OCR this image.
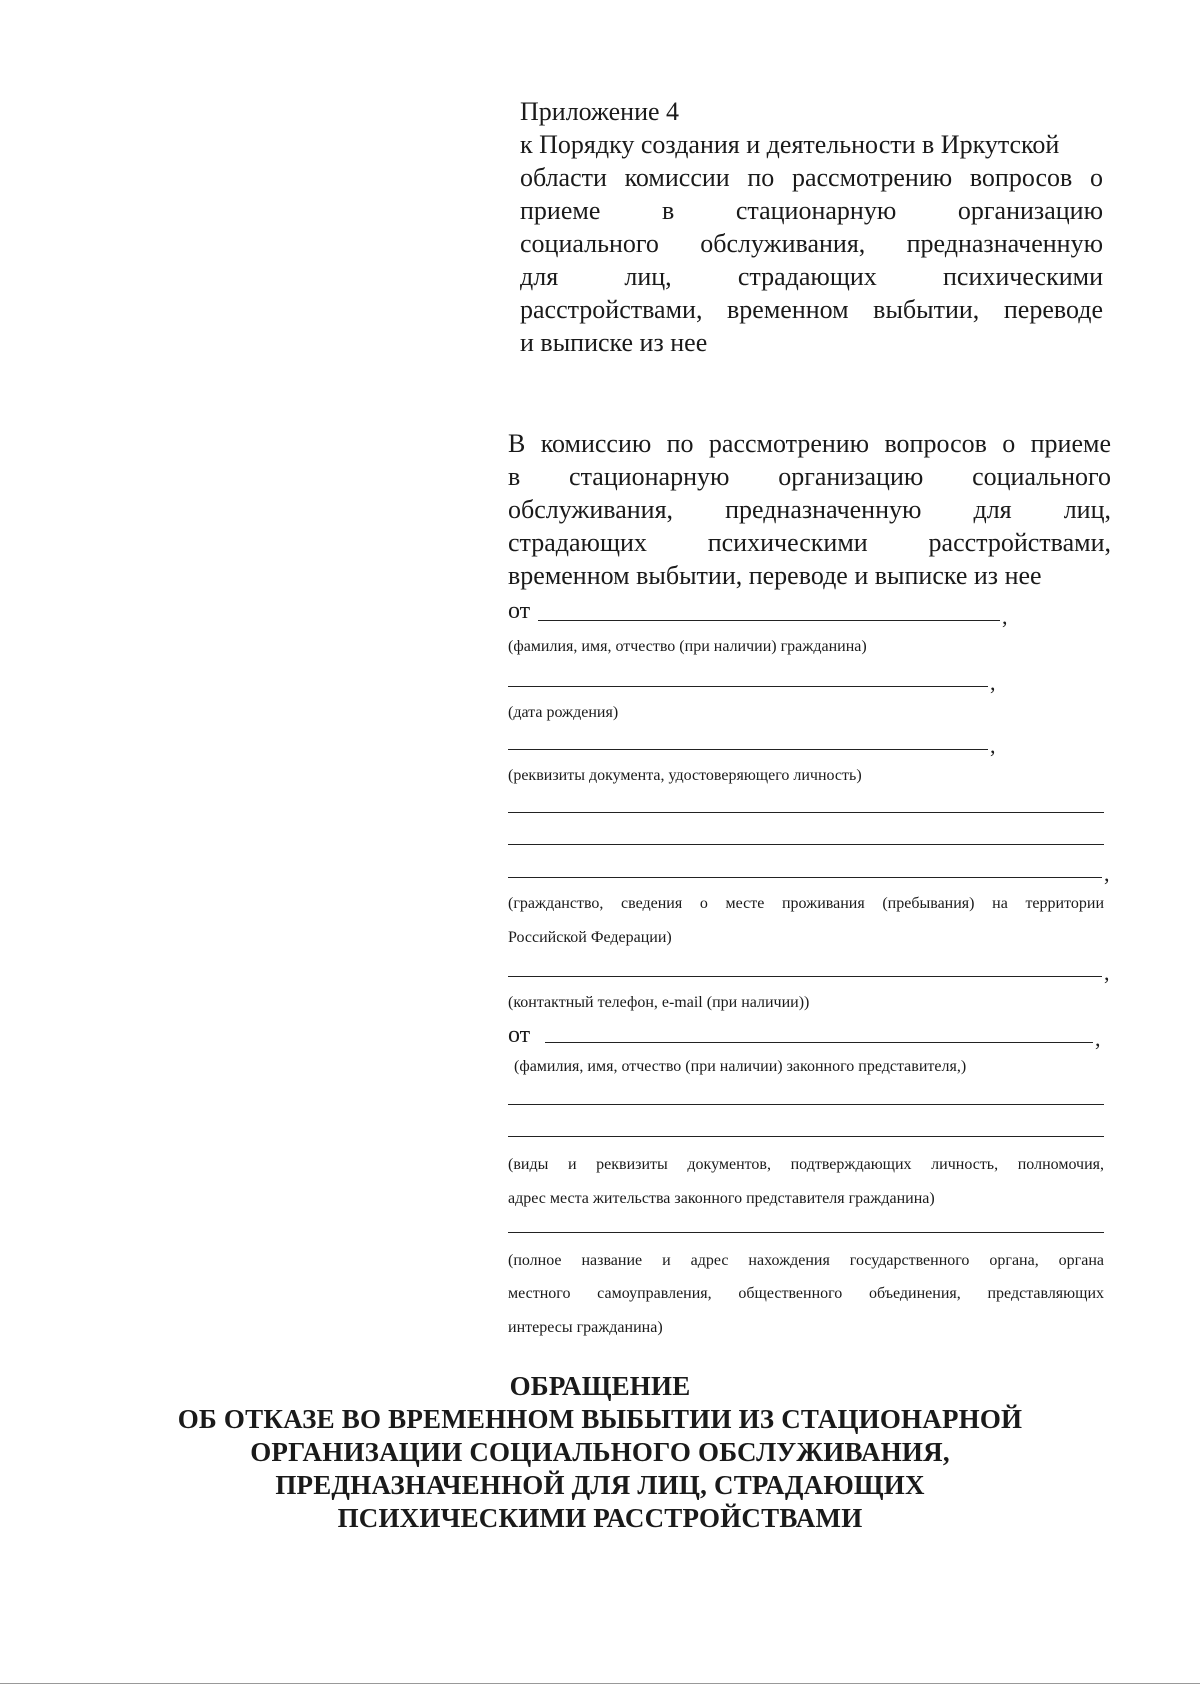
Приложение 4
к Порядку создания и деятельности в Иркутской
области комиссии по рассмотрению вопросов о
приеме в стационарную организацию
социального обслуживания, предназначенную
для лиц, страдающих психическими
расстройствами, временном выбытии, переводе
и выписке из нее
В комиссию по рассмотрению вопросов о приеме
в стационарную организацию социального
обслуживания, предназначенную для лиц,
страдающих психическими расстройствами,
временном выбытии, переводе и выписке из нее
от	,
(фамилия, имя, отчество (при наличии) гражданина)
,
(дата рождения)
,
(реквизиты документа, удостоверяющего личность)
,
(гражданство, сведения о месте проживания (пребывания) на территории
Российской Федерации)
,
(контактный телефон, e-mail (при наличии))
от	,
(фамилия, имя, отчество (при наличии) законного представителя,)
(виды и реквизиты документов, подтверждающих личность, полномочия,
адрес места жительства законного представителя гражданина)
(полное название и адрес нахождения государственного органа, органа
местного самоуправления, общественного объединения, представляющих
интересы гражданина)
ОБРАЩЕНИЕ
ОБ ОТКАЗЕ ВО ВРЕМЕННОМ ВЫБЫТИИ ИЗ СТАЦИОНАРНОЙ
ОРГАНИЗАЦИИ СОЦИАЛЬНОГО ОБСЛУЖИВАНИЯ,
ПРЕДНАЗНАЧЕННОЙ ДЛЯ ЛИЦ, СТРАДАЮЩИХ
ПСИХИЧЕСКИМИ РАССТРОЙСТВАМИ
